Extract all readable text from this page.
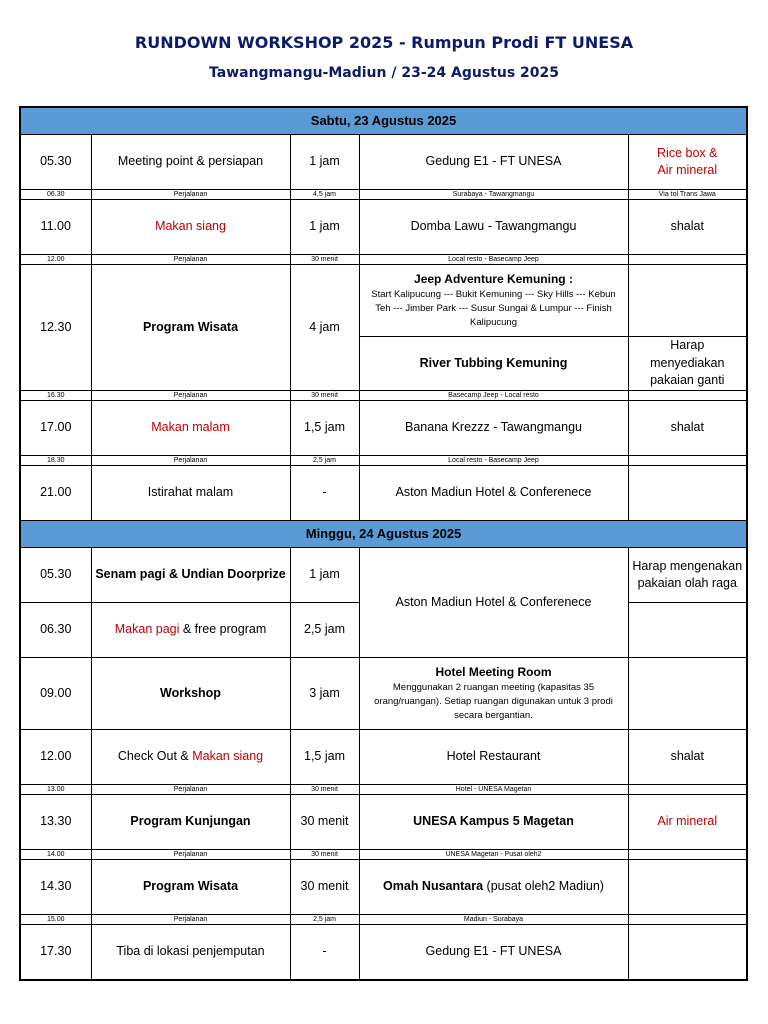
RUNDOWN WORKSHOP 2025 - Rumpun Prodi FT UNESA
Tawangmangu-Madiun / 23-24 Agustus 2025
Sabtu, 23 Agustus 2025				
05.30	Meeting point & persiapan	1 jam	Gedung E1 - FT UNESA	Rice box &
Air mineral
06.30	Perjalanan	4,5 jam	Surabaya - Tawangmangu	Via tol Trans Jawa
11.00	Makan siang	1 jam	Domba Lawu - Tawangmangu	shalat
12.00	Perjalanan	30 menit	Local resto - Basecamp Jeep	
12.30	Program Wisata	4 jam	Jeep Adventure Kemuning :
Start Kalipucung --- Bukit Kemuning --- Sky Hills --- Kebun Teh --- Jimber Park --- Susur Sungai & Lumpur --- Finish Kalipucung	

			River Tubbing Kemuning	Harap menyediakan pakaian ganti
16.30	Perjalanan	30 menit	Basecamp Jeep - Local resto	
17.00	Makan malam	1,5 jam	Banana Krezzz - Tawangmangu	shalat
18.30	Perjalanan	2,5 jam	Local resto - Basecamp Jeep	
21.00	Istirahat malam	-	Aston Madiun Hotel & Conferenece	
Minggu, 24 Agustus 2025				
05.30	Senam pagi & Undian Doorprize	1 jam	Aston Madiun Hotel & Conferenece	Harap mengenakan pakaian olah raga
06.30	Makan pagi & free program	2,5 jam		
09.00	Workshop	3 jam	Hotel Meeting Room
Menggunakan 2 ruangan meeting (kapasitas 35 orang/ruangan). Setiap ruangan digunakan untuk 3 prodi secara bergantian.	

12.00	Check Out & Makan siang	1,5 jam	Hotel Restaurant	shalat
13.00	Perjalanan	30 menit	Hotel - UNESA Magetan	
13.30	Program Kunjungan	30 menit	UNESA Kampus 5 Magetan	Air mineral
14.00	Perjalanan	30 menit	UNESA Magetan - Pusat oleh2	
14.30	Program Wisata	30 menit	Omah Nusantara (pusat oleh2 Madiun)	
15.00	Perjalanan	2,5 jam	Madiun - Surabaya	
17.30	Tiba di lokasi penjemputan	-	Gedung E1 - FT UNESA	
